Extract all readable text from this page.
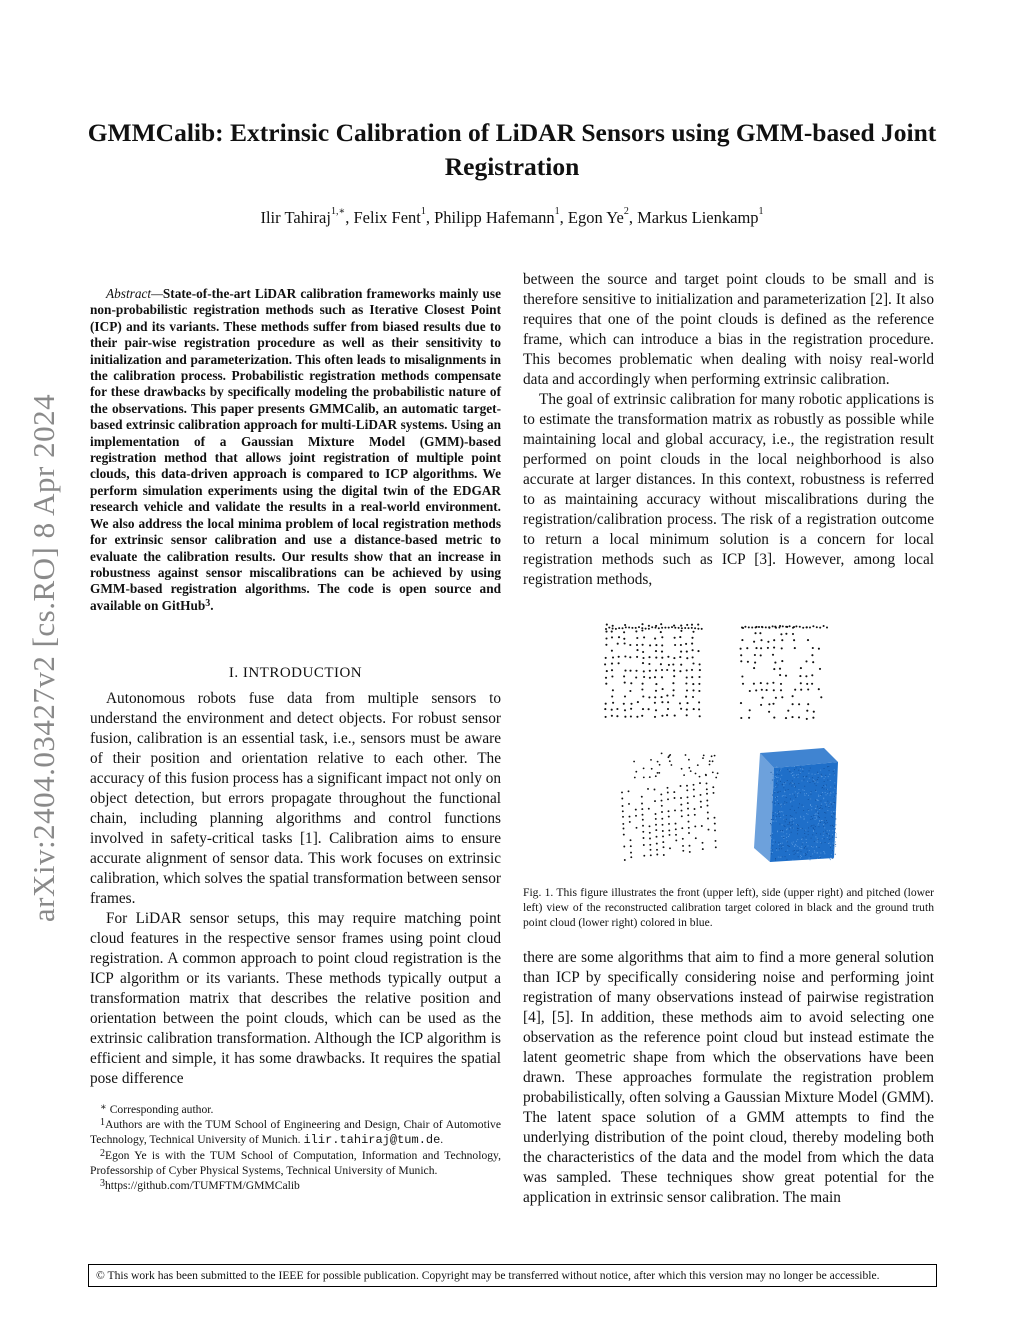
arXiv:2404.03427v2 [cs.RO] 8 Apr 2024
GMMCalib: Extrinsic Calibration of LiDAR Sensors using GMM-based Joint Registration
Ilir Tahiraj$^{1,∗}$, Felix Fent$^1$, Philipp Hafemann$^1$, Egon Ye$^2$, Markus Lienkamp$^1$
Abstract—State-of-the-art LiDAR calibration frameworks mainly use non-probabilistic registration methods such as Iterative Closest Point (ICP) and its variants. These methods suffer from biased results due to their pair-wise registration procedure as well as their sensitivity to initialization and parameterization. This often leads to misalignments in the calibration process. Probabilistic registration methods compensate for these drawbacks by specifically modeling the probabilistic nature of the observations. This paper presents GMMCalib, an automatic target-based extrinsic calibration approach for multi-LiDAR systems. Using an implementation of a Gaussian Mixture Model (GMM)-based registration method that allows joint registration of multiple point clouds, this data-driven approach is compared to ICP algorithms. We perform simulation experiments using the digital twin of the EDGAR research vehicle and validate the results in a real-world environment. We also address the local minima problem of local registration methods for extrinsic sensor calibration and use a distance-based metric to evaluate the calibration results. Our results show that an increase in robustness against sensor miscalibrations can be achieved by using GMM-based registration algorithms. The code is open source and available on GitHub$^3$.
I. INTRODUCTION

Autonomous robots fuse data from multiple sensors to understand the environment and detect objects. For robust sensor fusion, calibration is an essential task, i.e., sensors must be aware of their position and orientation relative to each other. The accuracy of this fusion process has a significant impact not only on object detection, but errors propagate throughout the functional chain, including planning algorithms and control functions involved in safety-critical tasks [1]. Calibration aims to ensure accurate alignment of sensor data. This work focuses on extrinsic calibration, which solves the spatial transformation between sensor frames.

For LiDAR sensor setups, this may require matching point cloud features in the respective sensor frames using point cloud registration. A common approach to point cloud registration is the ICP algorithm or its variants. These methods typically output a transformation matrix that describes the relative position and orientation between the point clouds, which can be used as the extrinsic calibration transformation. Although the ICP algorithm is efficient and simple, it has some drawbacks. It requires the spatial pose difference

∗ Corresponding author.

$^1$Authors are with the TUM School of Engineering and Design, Chair of Automotive Technology, Technical University of Munich. ilir.tahiraj@tum.de.

$^2$Egon Ye is with the TUM School of Computation, Information and Technology, Professorship of Cyber Physical Systems, Technical University of Munich.

$^3$https://github.com/TUMFTM/GMMCalib

between the source and target point clouds to be small and is therefore sensitive to initialization and parameterization [2]. It also requires that one of the point clouds is defined as the reference frame, which can introduce a bias in the registration procedure. This becomes problematic when dealing with noisy real-world data and accordingly when performing extrinsic calibration.

The goal of extrinsic calibration for many robotic applications is to estimate the transformation matrix as robustly as possible while maintaining local and global accuracy, i.e., the registration result performed on point clouds in the local neighborhood is also accurate at larger distances. In this context, robustness is referred to as maintaining accuracy without miscalibrations during the registration/calibration process. The risk of a registration outcome to return a local minimum solution is a concern for local registration methods such as ICP [3]. However, among local registration methods,

Fig. 1. This figure illustrates the front (upper left), side (upper right) and pitched (lower left) view of the reconstructed calibration target colored in black and the ground truth point cloud (lower right) colored in blue.

there are some algorithms that aim to find a more general solution than ICP by specifically considering noise and performing joint registration of many observations instead of pairwise registration [4], [5]. In addition, these methods aim to avoid selecting one observation as the reference point cloud but instead estimate the latent geometric shape from which the observations have been drawn. These approaches formulate the registration problem probabilistically, often solving a Gaussian Mixture Model (GMM). The latent space solution of a GMM attempts to find the underlying distribution of the point cloud, thereby modeling both the characteristics of the data and the model from which the data was sampled. These techniques show great potential for the application in extrinsic sensor calibration. The main

© This work has been submitted to the IEEE for possible publication. Copyright may be transferred without notice, after which this version may no longer be accessible.
